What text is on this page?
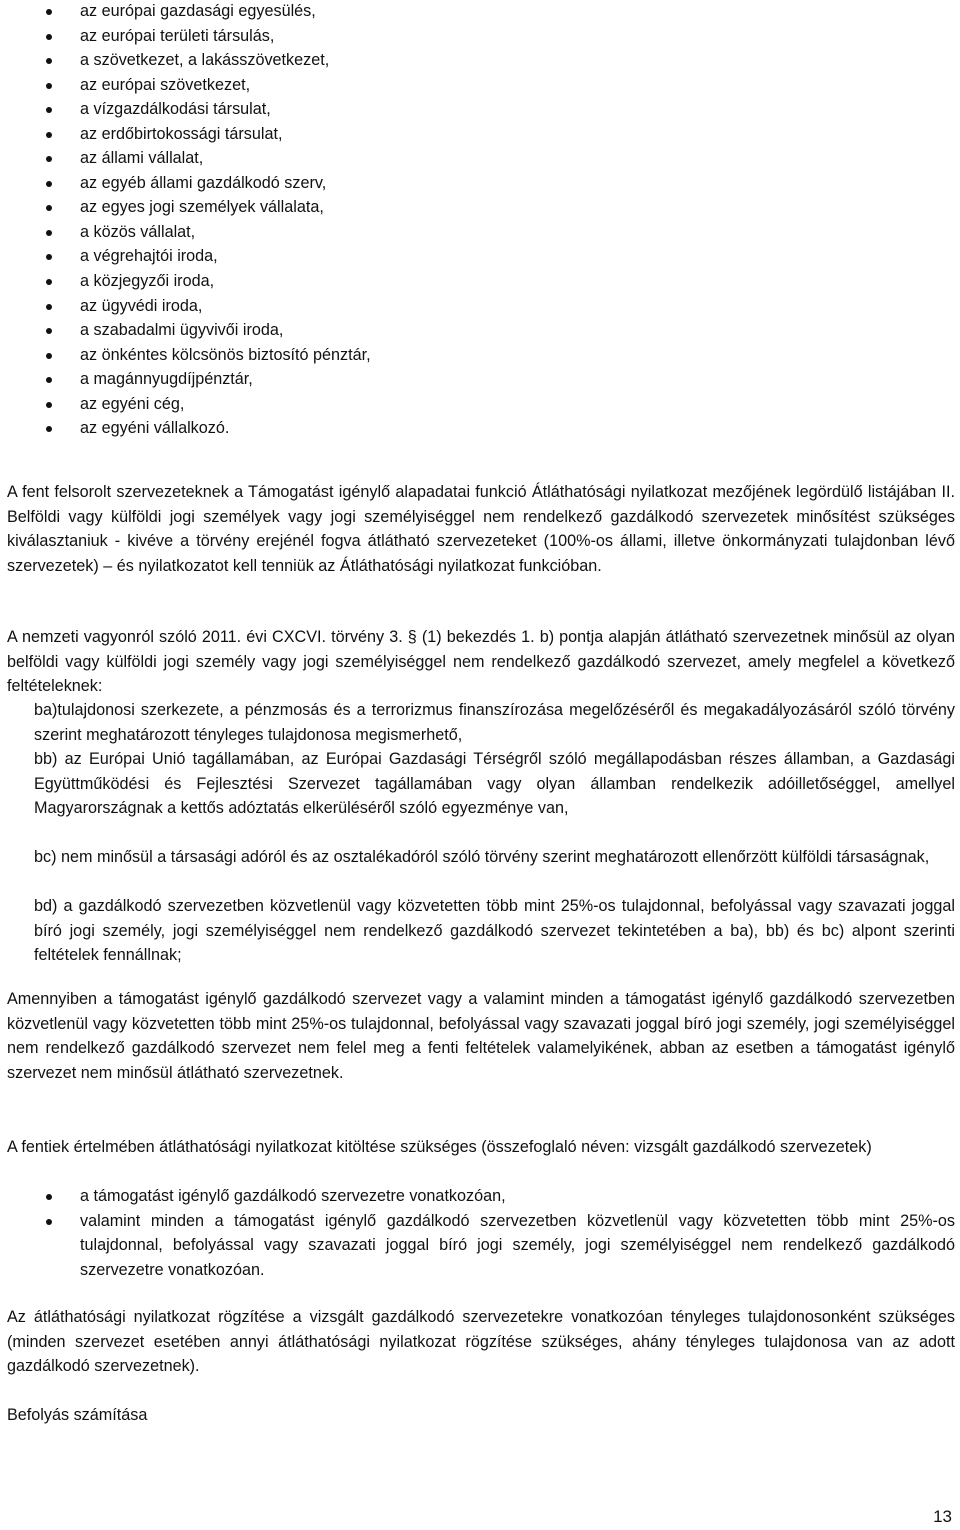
az európai gazdasági egyesülés,
az európai területi társulás,
a szövetkezet, a lakásszövetkezet,
az európai szövetkezet,
a vízgazdálkodási társulat,
az erdőbirtokossági társulat,
az állami vállalat,
az egyéb állami gazdálkodó szerv,
az egyes jogi személyek vállalata,
a közös vállalat,
a végrehajtói iroda,
a közjegyzői iroda,
az ügyvédi iroda,
a szabadalmi ügyvivői iroda,
az önkéntes kölcsönös biztosító pénztár,
a magánnyugdíjpénztár,
az egyéni cég,
az egyéni vállalkozó.

A fent felsorolt szervezeteknek a Támogatást igénylő alapadatai funkció Átláthatósági nyilatkozat mezőjének legördülő listájában II. Belföldi vagy külföldi jogi személyek vagy jogi személyiséggel nem rendelkező gazdálkodó szervezetek minősítést szükséges kiválasztaniuk - kivéve a törvény erejénél fogva átlátható szervezeteket (100%-os állami, illetve önkormányzati tulajdonban lévő szervezetek) – és nyilatkozatot kell tenniük az Átláthatósági nyilatkozat funkcióban.

A nemzeti vagyonról szóló 2011. évi CXCVI. törvény 3. § (1) bekezdés 1. b) pontja alapján átlátható szervezetnek minősül az olyan belföldi vagy külföldi jogi személy vagy jogi személyiséggel nem rendelkező gazdálkodó szervezet, amely megfelel a következő feltételeknek:

ba)tulajdonosi szerkezete, a pénzmosás és a terrorizmus finanszírozása megelőzéséről és megakadályozásáról szóló törvény szerint meghatározott tényleges tulajdonosa megismerhető,

bb) az Európai Unió tagállamában, az Európai Gazdasági Térségről szóló megállapodásban részes államban, a Gazdasági Együttműködési és Fejlesztési Szervezet tagállamában vagy olyan államban rendelkezik adóilletőséggel, amellyel Magyarországnak a kettős adóztatás elkerüléséről szóló egyezménye van,

bc) nem minősül a társasági adóról és az osztalékadóról szóló törvény szerint meghatározott ellenőrzött külföldi társaságnak,

bd) a gazdálkodó szervezetben közvetlenül vagy közvetetten több mint 25%-os tulajdonnal, befolyással vagy szavazati joggal bíró jogi személy, jogi személyiséggel nem rendelkező gazdálkodó szervezet tekintetében a ba), bb) és bc) alpont szerinti feltételek fennállnak;

Amennyiben a támogatást igénylő gazdálkodó szervezet vagy a valamint minden a támogatást igénylő gazdálkodó szervezetben közvetlenül vagy közvetetten több mint 25%-os tulajdonnal, befolyással vagy szavazati joggal bíró jogi személy, jogi személyiséggel nem rendelkező gazdálkodó szervezet nem felel meg a fenti feltételek valamelyikének, abban az esetben a támogatást igénylő szervezet nem minősül átlátható szervezetnek.

A fentiek értelmében átláthatósági nyilatkozat kitöltése szükséges (összefoglaló néven: vizsgált gazdálkodó szervezetek)

a támogatást igénylő gazdálkodó szervezetre vonatkozóan,
valamint minden a támogatást igénylő gazdálkodó szervezetben közvetlenül vagy közvetetten több mint 25%-os tulajdonnal, befolyással vagy szavazati joggal bíró jogi személy, jogi személyiséggel nem rendelkező gazdálkodó szervezetre vonatkozóan.

Az átláthatósági nyilatkozat rögzítése a vizsgált gazdálkodó szervezetekre vonatkozóan tényleges tulajdonosonként szükséges (minden szervezet esetében annyi átláthatósági nyilatkozat rögzítése szükséges, ahány tényleges tulajdonosa van az adott gazdálkodó szervezetnek).

Befolyás számítása

13
